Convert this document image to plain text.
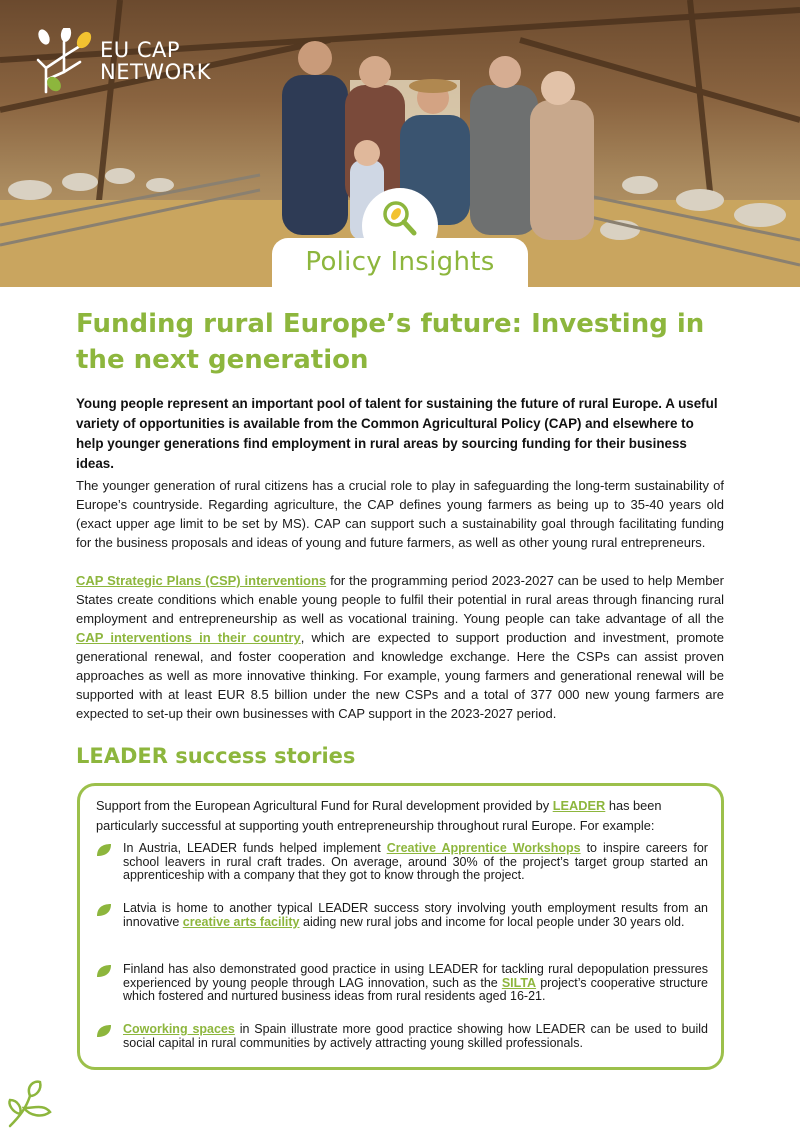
EU CAP
NETWORK
Policy Insights
Funding rural Europe’s future: Investing in the next generation

Young people represent an important pool of talent for sustaining the future of rural Europe. A useful variety of opportunities is available from the Common Agricultural Policy (CAP) and elsewhere to help younger generations find employment in rural areas by sourcing funding for their business ideas.

The younger generation of rural citizens has a crucial role to play in safeguarding the long-term sustainability of Europe’s countryside. Regarding agriculture, the CAP defines young farmers as being up to 35-40 years old (exact upper age limit to be set by MS). CAP can support such a sustainability goal through facilitating funding for the business proposals and ideas of young and future farmers, as well as other young rural entrepreneurs.

CAP Strategic Plans (CSP) interventions for the programming period 2023-2027 can be used to help Member States create conditions which enable young people to fulfil their potential in rural areas through financing rural employment and entrepreneurship as well as vocational training. Young people can take advantage of all the CAP interventions in their country, which are expected to support production and investment, promote generational renewal, and foster cooperation and knowledge exchange. Here the CSPs can assist proven approaches as well as more innovative thinking. For example, young farmers and generational renewal will be supported with at least EUR 8.5 billion under the new CSPs and a total of 377 000 new young farmers are expected to set-up their own businesses with CAP support in the 2023-2027 period.

LEADER success stories

Support from the European Agricultural Fund for Rural development provided by LEADER has been particularly successful at supporting youth entrepreneurship throughout rural Europe. For example:

In Austria, LEADER funds helped implement Creative Apprentice Workshops to inspire careers for school leavers in rural craft trades. On average, around 30% of the project’s target group started an apprenticeship with a company that they got to know through the project.
Latvia is home to another typical LEADER success story involving youth employment results from an innovative creative arts facility aiding new rural jobs and income for local people under 30 years old.
Finland has also demonstrated good practice in using LEADER for tackling rural depopulation pressures experienced by young people through LAG innovation, such as the SILTA project’s cooperative structure which fostered and nurtured business ideas from rural residents aged 16-21.
Coworking spaces in Spain illustrate more good practice showing how LEADER can be used to build social capital in rural communities by actively attracting young skilled professionals.
